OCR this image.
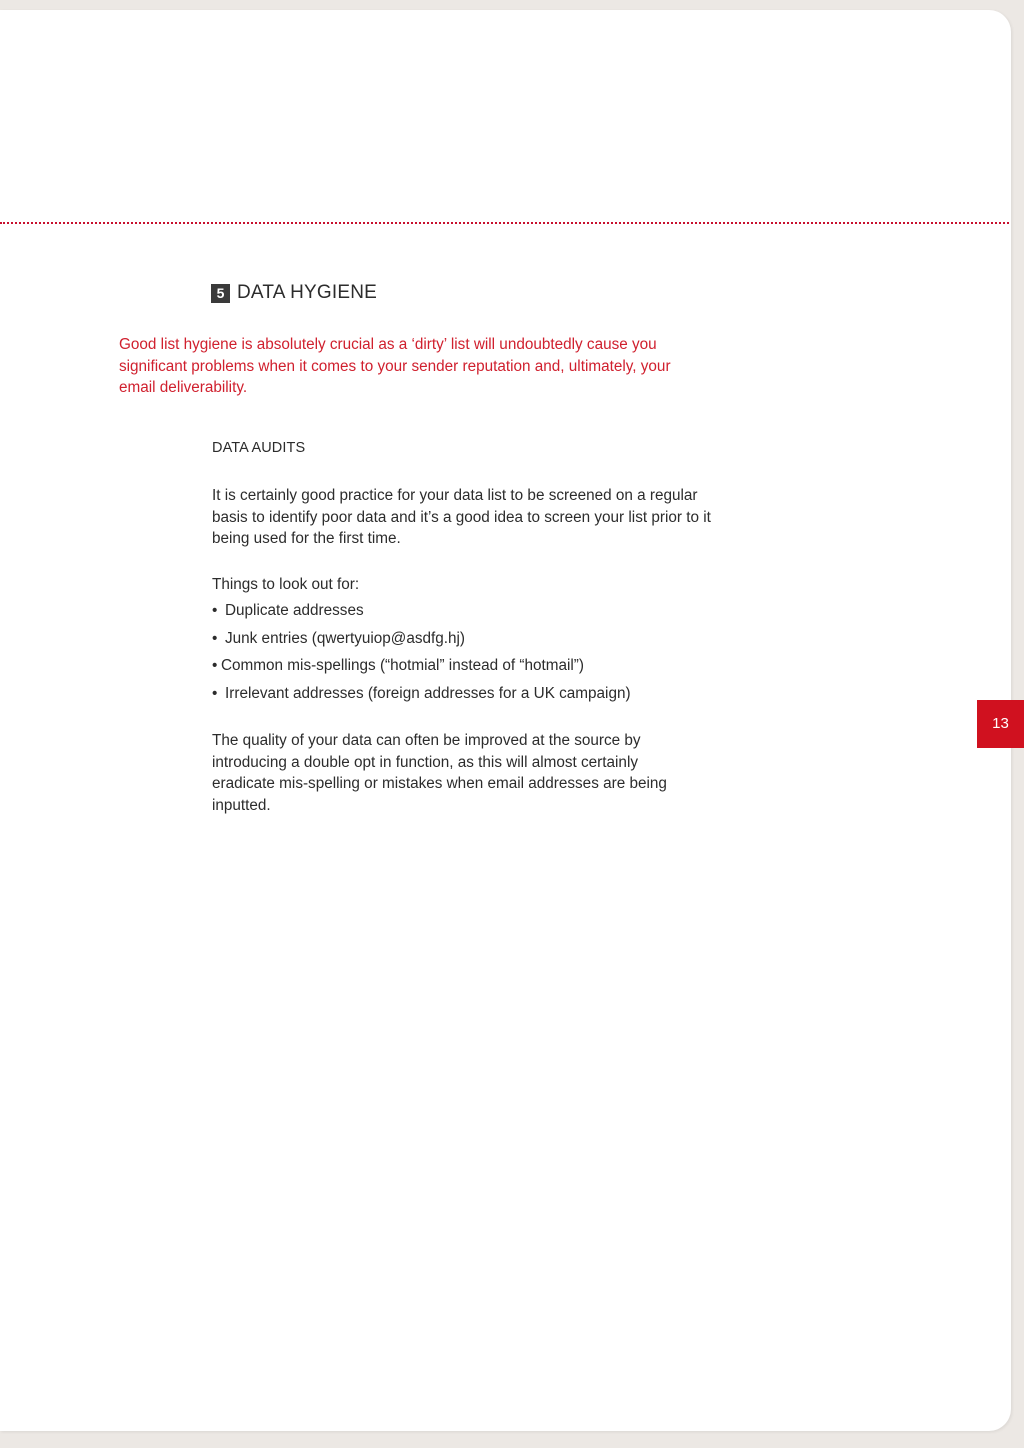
5 DATA HYGIENE

Good list hygiene is absolutely crucial as a ‘dirty’ list will undoubtedly cause you significant problems when it comes to your sender reputation and, ultimately, your email deliverability.

DATA AUDITS
It is certainly good practice for your data list to be screened on a regular basis to identify poor data and it’s a good idea to screen your list prior to it being used for the first time.
Things to look out for:
• Duplicate addresses
• Junk entries (qwertyuiop@asdfg.hj)
• Common mis-spellings (“hotmial” instead of “hotmail”)
• Irrelevant addresses (foreign addresses for a UK campaign)
The quality of your data can often be improved at the source by introducing a double opt in function, as this will almost certainly eradicate mis-spelling or mistakes when email addresses are being inputted.
13
